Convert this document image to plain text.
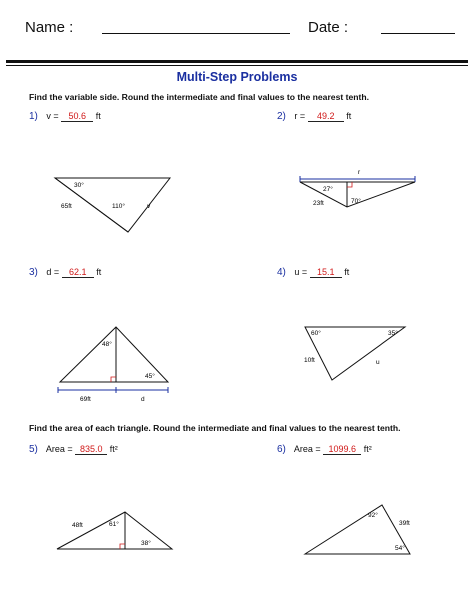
Name :	Date :
Multi-Step Problems
Find the variable side. Round the intermediate and final values to the nearest tenth.
1) v = 50.6 ft	2) r = 49.2 ft
30°
65ft	110°	v
r
27°
23ft	70°
3) d = 62.1 ft	4) u = 15.1 ft
48°
45°
69ft	d
60°	35°
10ft	u
Find the area of each triangle. Round the intermediate and final values to the nearest tenth.
5) Area = 835.0 ft²	6) Area = 1099.6 ft²
48ft	61°
38°
92°
39ft
54°
